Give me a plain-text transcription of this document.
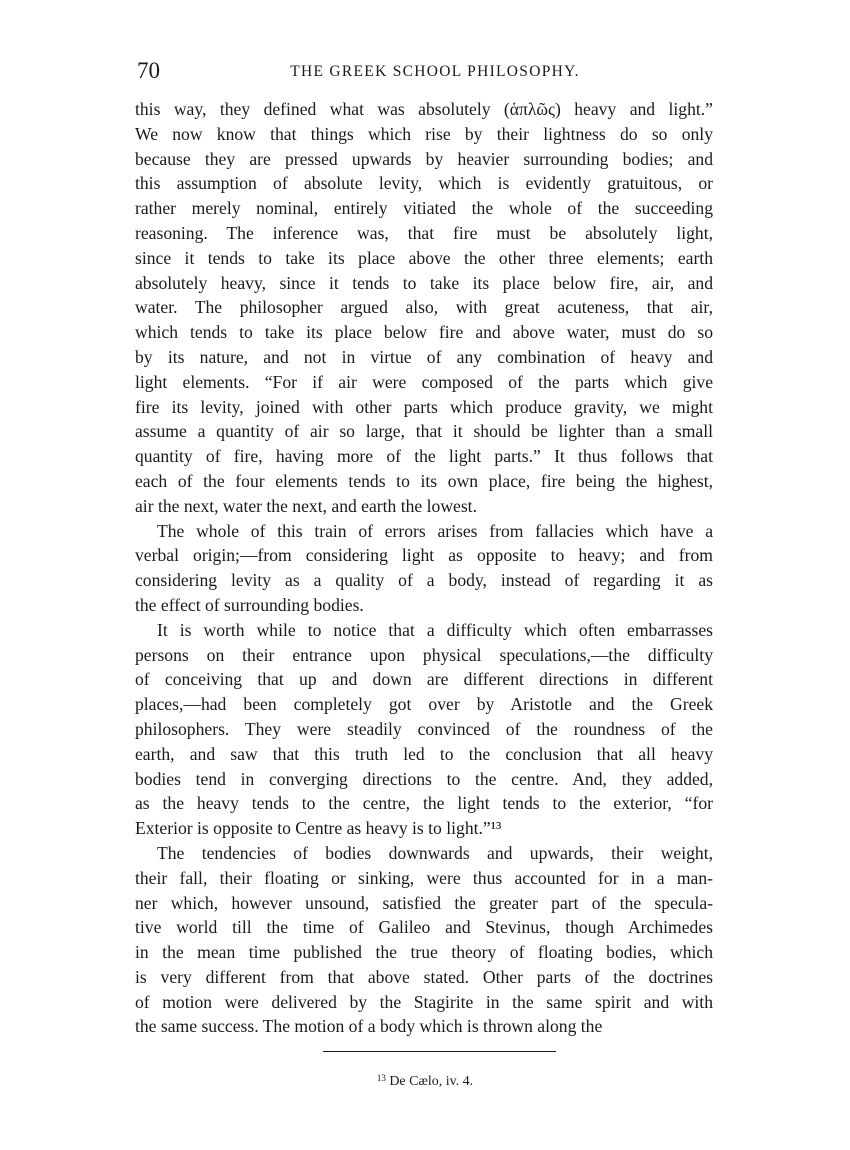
70	THE GREEK SCHOOL PHILOSOPHY.
this way, they defined what was absolutely (ἁπλῶς) heavy and light.”
We now know that things which rise by their lightness do so only
because they are pressed upwards by heavier surrounding bodies; and
this assumption of absolute levity, which is evidently gratuitous, or
rather merely nominal, entirely vitiated the whole of the succeeding
reasoning. The inference was, that fire must be absolutely light,
since it tends to take its place above the other three elements; earth
absolutely heavy, since it tends to take its place below fire, air, and
water. The philosopher argued also, with great acuteness, that air,
which tends to take its place below fire and above water, must do so
by its nature, and not in virtue of any combination of heavy and
light elements. “For if air were composed of the parts which give
fire its levity, joined with other parts which produce gravity, we might
assume a quantity of air so large, that it should be lighter than a small
quantity of fire, having more of the light parts.” It thus follows that
each of the four elements tends to its own place, fire being the highest,
air the next, water the next, and earth the lowest.
The whole of this train of errors arises from fallacies which have a
verbal origin;—from considering light as opposite to heavy; and from
considering levity as a quality of a body, instead of regarding it as
the effect of surrounding bodies.
It is worth while to notice that a difficulty which often embarrasses
persons on their entrance upon physical speculations,—the difficulty
of conceiving that up and down are different directions in different
places,—had been completely got over by Aristotle and the Greek
philosophers. They were steadily convinced of the roundness of the
earth, and saw that this truth led to the conclusion that all heavy
bodies tend in converging directions to the centre. And, they added,
as the heavy tends to the centre, the light tends to the exterior, “for
Exterior is opposite to Centre as heavy is to light.”¹³
The tendencies of bodies downwards and upwards, their weight,
their fall, their floating or sinking, were thus accounted for in a man-
ner which, however unsound, satisfied the greater part of the specula-
tive world till the time of Galileo and Stevinus, though Archimedes
in the mean time published the true theory of floating bodies, which
is very different from that above stated. Other parts of the doctrines
of motion were delivered by the Stagirite in the same spirit and with
the same success. The motion of a body which is thrown along the
$^{13}$ De Cælo, iv. 4.
